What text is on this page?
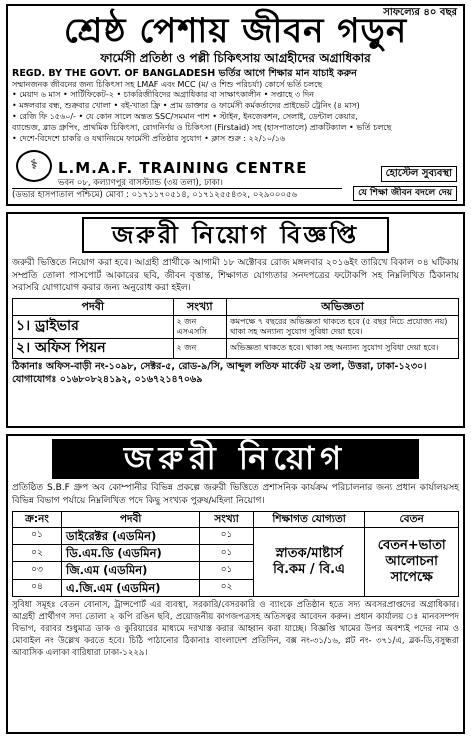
সাফল্যের ৪০ বছর
শ্রেষ্ঠ পেশায় জীবন গড়ুন
ফার্মেসী প্রতিষ্ঠা ও পল্লী চিকিৎসায় আগ্রহীদের অগ্রাধিকার
REGD. BY THE GOVT. OF BANGLADESH ভর্তির আগে শিক্ষার মান যাচাই করুন
সম্মানজনক জীবনের জন্য চিকিৎসা সহ LMAF এবং MCC (ম/ ও শিশু পরিচর্যা) কোর্সে ভর্তি চলছে
• মেয়াদ ৬ মাস • সার্টিফিকেট-২ • চাকরিজীবিদের অগ্রাধিকার বা সাক্ষাৎকালীন • সপ্তাহে ৩ দিন
• মঙ্গলবার বন্ধ, শুক্রবার খোলা • বই-খাতা ফ্রি • প্রাম ডাক্তার ও ফার্মেসী কর্মকর্তাদের প্রাইভেট ট্রেনিং (৪ মাস)
• রেজি ফি ১৫৬০/- • যে কোন সালে অন্তত SSC/সমমান পাশ • স্টাইন, ইনজেকশন, সেলাই, ডেন্টাল কেয়ার,
ব্যান্ডেজ, ব্লাড গ্রুপিং, প্রাথমিক চিকিৎসা, রোগনির্ণয় ও চিকিৎসা (Firstaid) সহ (হাসপাতালে) প্রাকটিক্যাল • ভর্তি চলছে
• দেশে-বিদেশে চাকরি ও যথানিয়মে ফার্মেসী প্রতিষ্ঠার সুযোগ • ক্লাস শুরু : ২২/১০/১৬
⚕	L.M.A.F. TRAINING CENTRE
ভবন ০৮, কল্যাণপুর বাসস্ট্যান্ড (৩য় তলা), ঢাকা।
(ডভার হাসপাতাল পশ্চিমে) মোবা : ০১৭১১৭০৫১৪, ০১৭১২৫৫৪৩২, ০২৯০০০৫৬
হোস্টেল সুব্যবস্থা
যে শিক্ষা জীবন বদলে দেয়
জরুরী নিয়োগ বিজ্ঞপ্তি
জরুরী ভিত্তিতে নিয়োগ করা হবে। আগ্রহী প্রার্থীকে আগামী ১৮ অক্টোবর রোজ মঙ্গলবার ২০১৬ইং তারিখে বিকাল ০৪ ঘটিকায় সম্প্রতি তোলা পাসপোর্ট আকারের ছবি, জীবন বৃত্তান্ত, শিক্ষাগত যোগ্যতার সনদপত্রের ফটোকপি সহ নিম্নলিখিত ঠিকানায় সরাসরি যোগাযোগ করার জন্য অনুরোধ করা হইল।
পদবী	সংখ্যা	অভিজ্ঞতা
১। ড্রাইভার	২ জন এসএসসি	কমপক্ষে ৭ বছরের অভিজ্ঞতা থাকতে হবে (৫ বছর নিচে প্রযোজ্য নয়) থাকা সহ অন্যান্য সুযোগ সুবিধা দেয়া হবে।
২। অফিস পিয়ন	২ জন	অভিজ্ঞতা থাকতে হবে। থাকা সহ অন্যান্য সুযোগ সুবিধা দেয়া হবে।
ঠিকানাঃ অফিস-বাড়ী নং-১০৯৮, সেক্টর-৫, রোড-৯/সি, আব্দুল লতিফ মার্কেট ২য় তলা, উত্তরা, ঢাকা-১২৩০। যোগাযোগঃ ০১৬৮০৮২৪১৯২, ০১৬৭২১৪৭০৬৯
জরুরী নিয়োগ
প্রতিষ্ঠিত S.B.F গ্রুপ অব কোম্পানীর বিভিন্ন প্রকল্পে জরুরী ভিত্তিতে প্রশাসনিক কার্যক্রম পরিচালনার জন্য প্রধান কার্যালয়সহ বিভিন্ন বিভাগ পর্যায়ে নিম্নলিখিত পদে কিছু সংখ্যক পুরুষ/মহিলা নিয়োগ।
ক্র:নং	পদবী	সংখ্যা	শিক্ষাগত যোগ্যতা	বেতন
০১	ডাইরেক্টর (এডমিন)	০১	স্নাতক/মাষ্টার্স বি.কম / বি.এ	বেতন+ভাতা আলোচনা সাপেক্ষে
০২	ডি.এম.ডি (এডমিন)	০১		
০৩	জি.এম (এডমিন)	০১		
০৪	এ.জি.এম (এডমিন)	০২		
সুবিধা সমূহঃ বেতন বোনাস, ট্রান্সপোর্ট এর ব্যবস্থা, সরকারি/বেসরকারি ও ব্যাংকে প্রতিষ্ঠান হতে সদ্য অবসরপ্রাপ্তদের অগ্রাধিকার। আগ্রহী প্রার্থীগণ সদ্য তোলা ২ কপি রঙিন ছবি, প্রয়োজনীয় কাগজপত্রসহ অতিসত্বর আবেদন করুন। প্রধান কার্যালয় ঃ মানবসম্পদ বিভাগ, বরাবর শুধুমাত্র ডাক ও কুরিয়ারের মাধ্যমে দরখাস্ত করার আহ্বান করা যাচ্ছে। বিজ্ঞপ্তি খামের উপর অবশ্যই পদের নাম ও মোবাইল নং উল্লেখ করতে হবে। চিঠি পাঠানোর ঠিকানাঃ বাংলাদেশ প্রতিদিন, বক্স নং-৩১/১৬, প্লট নং- ৩৭১/এ, ব্লক-ডি,বসুন্ধরা আবাসিক এলাকা বারিধারা ঢাকা-১২২৯।
